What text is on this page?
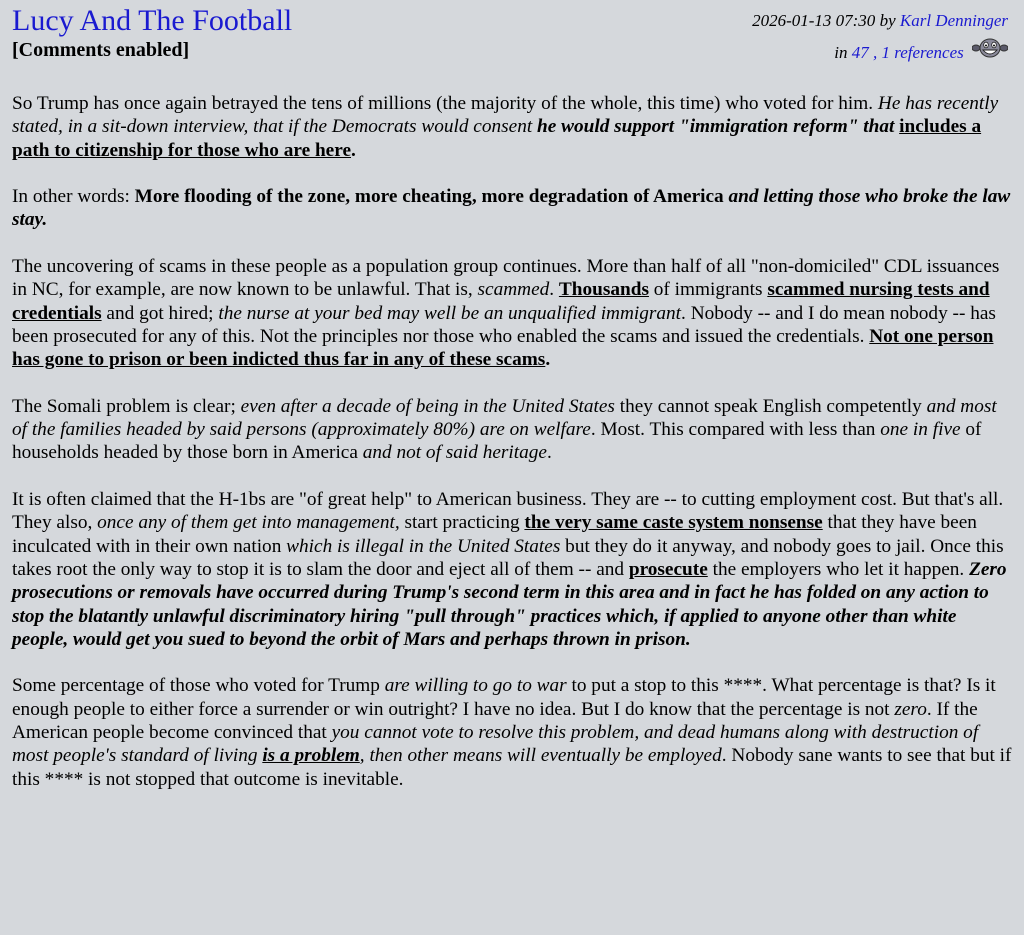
Lucy And The Football
[Comments enabled]
2026-01-13 07:30 by Karl Denninger
in 47 , 1 references

So Trump has once again betrayed the tens of millions (the majority of the whole, this time) who voted for him. He has recently stated, in a sit-down interview, that if the Democrats would consent he would support "immigration reform" that includes a path to citizenship for those who are here.

In other words: More flooding of the zone, more cheating, more degradation of America and letting those who broke the law stay.

The uncovering of scams in these people as a population group continues. More than half of all "non-domiciled" CDL issuances in NC, for example, are now known to be unlawful. That is, scammed. Thousands of immigrants scammed nursing tests and credentials and got hired; the nurse at your bed may well be an unqualified immigrant. Nobody -- and I do mean nobody -- has been prosecuted for any of this. Not the principles nor those who enabled the scams and issued the credentials. Not one person has gone to prison or been indicted thus far in any of these scams.

The Somali problem is clear; even after a decade of being in the United States they cannot speak English competently and most of the families headed by said persons (approximately 80%) are on welfare. Most. This compared with less than one in five of households headed by those born in America and not of said heritage.

It is often claimed that the H-1bs are "of great help" to American business. They are -- to cutting employment cost. But that's all. They also, once any of them get into management, start practicing the very same caste system nonsense that they have been inculcated with in their own nation which is illegal in the United States but they do it anyway, and nobody goes to jail. Once this takes root the only way to stop it is to slam the door and eject all of them -- and prosecute the employers who let it happen. Zero prosecutions or removals have occurred during Trump's second term in this area and in fact he has folded on any action to stop the blatantly unlawful discriminatory hiring "pull through" practices which, if applied to anyone other than white people, would get you sued to beyond the orbit of Mars and perhaps thrown in prison.

Some percentage of those who voted for Trump are willing to go to war to put a stop to this ****. What percentage is that? Is it enough people to either force a surrender or win outright? I have no idea. But I do know that the percentage is not zero. If the American people become convinced that you cannot vote to resolve this problem, and dead humans along with destruction of most people's standard of living is a problem, then other means will eventually be employed. Nobody sane wants to see that but if this **** is not stopped that outcome is inevitable.
